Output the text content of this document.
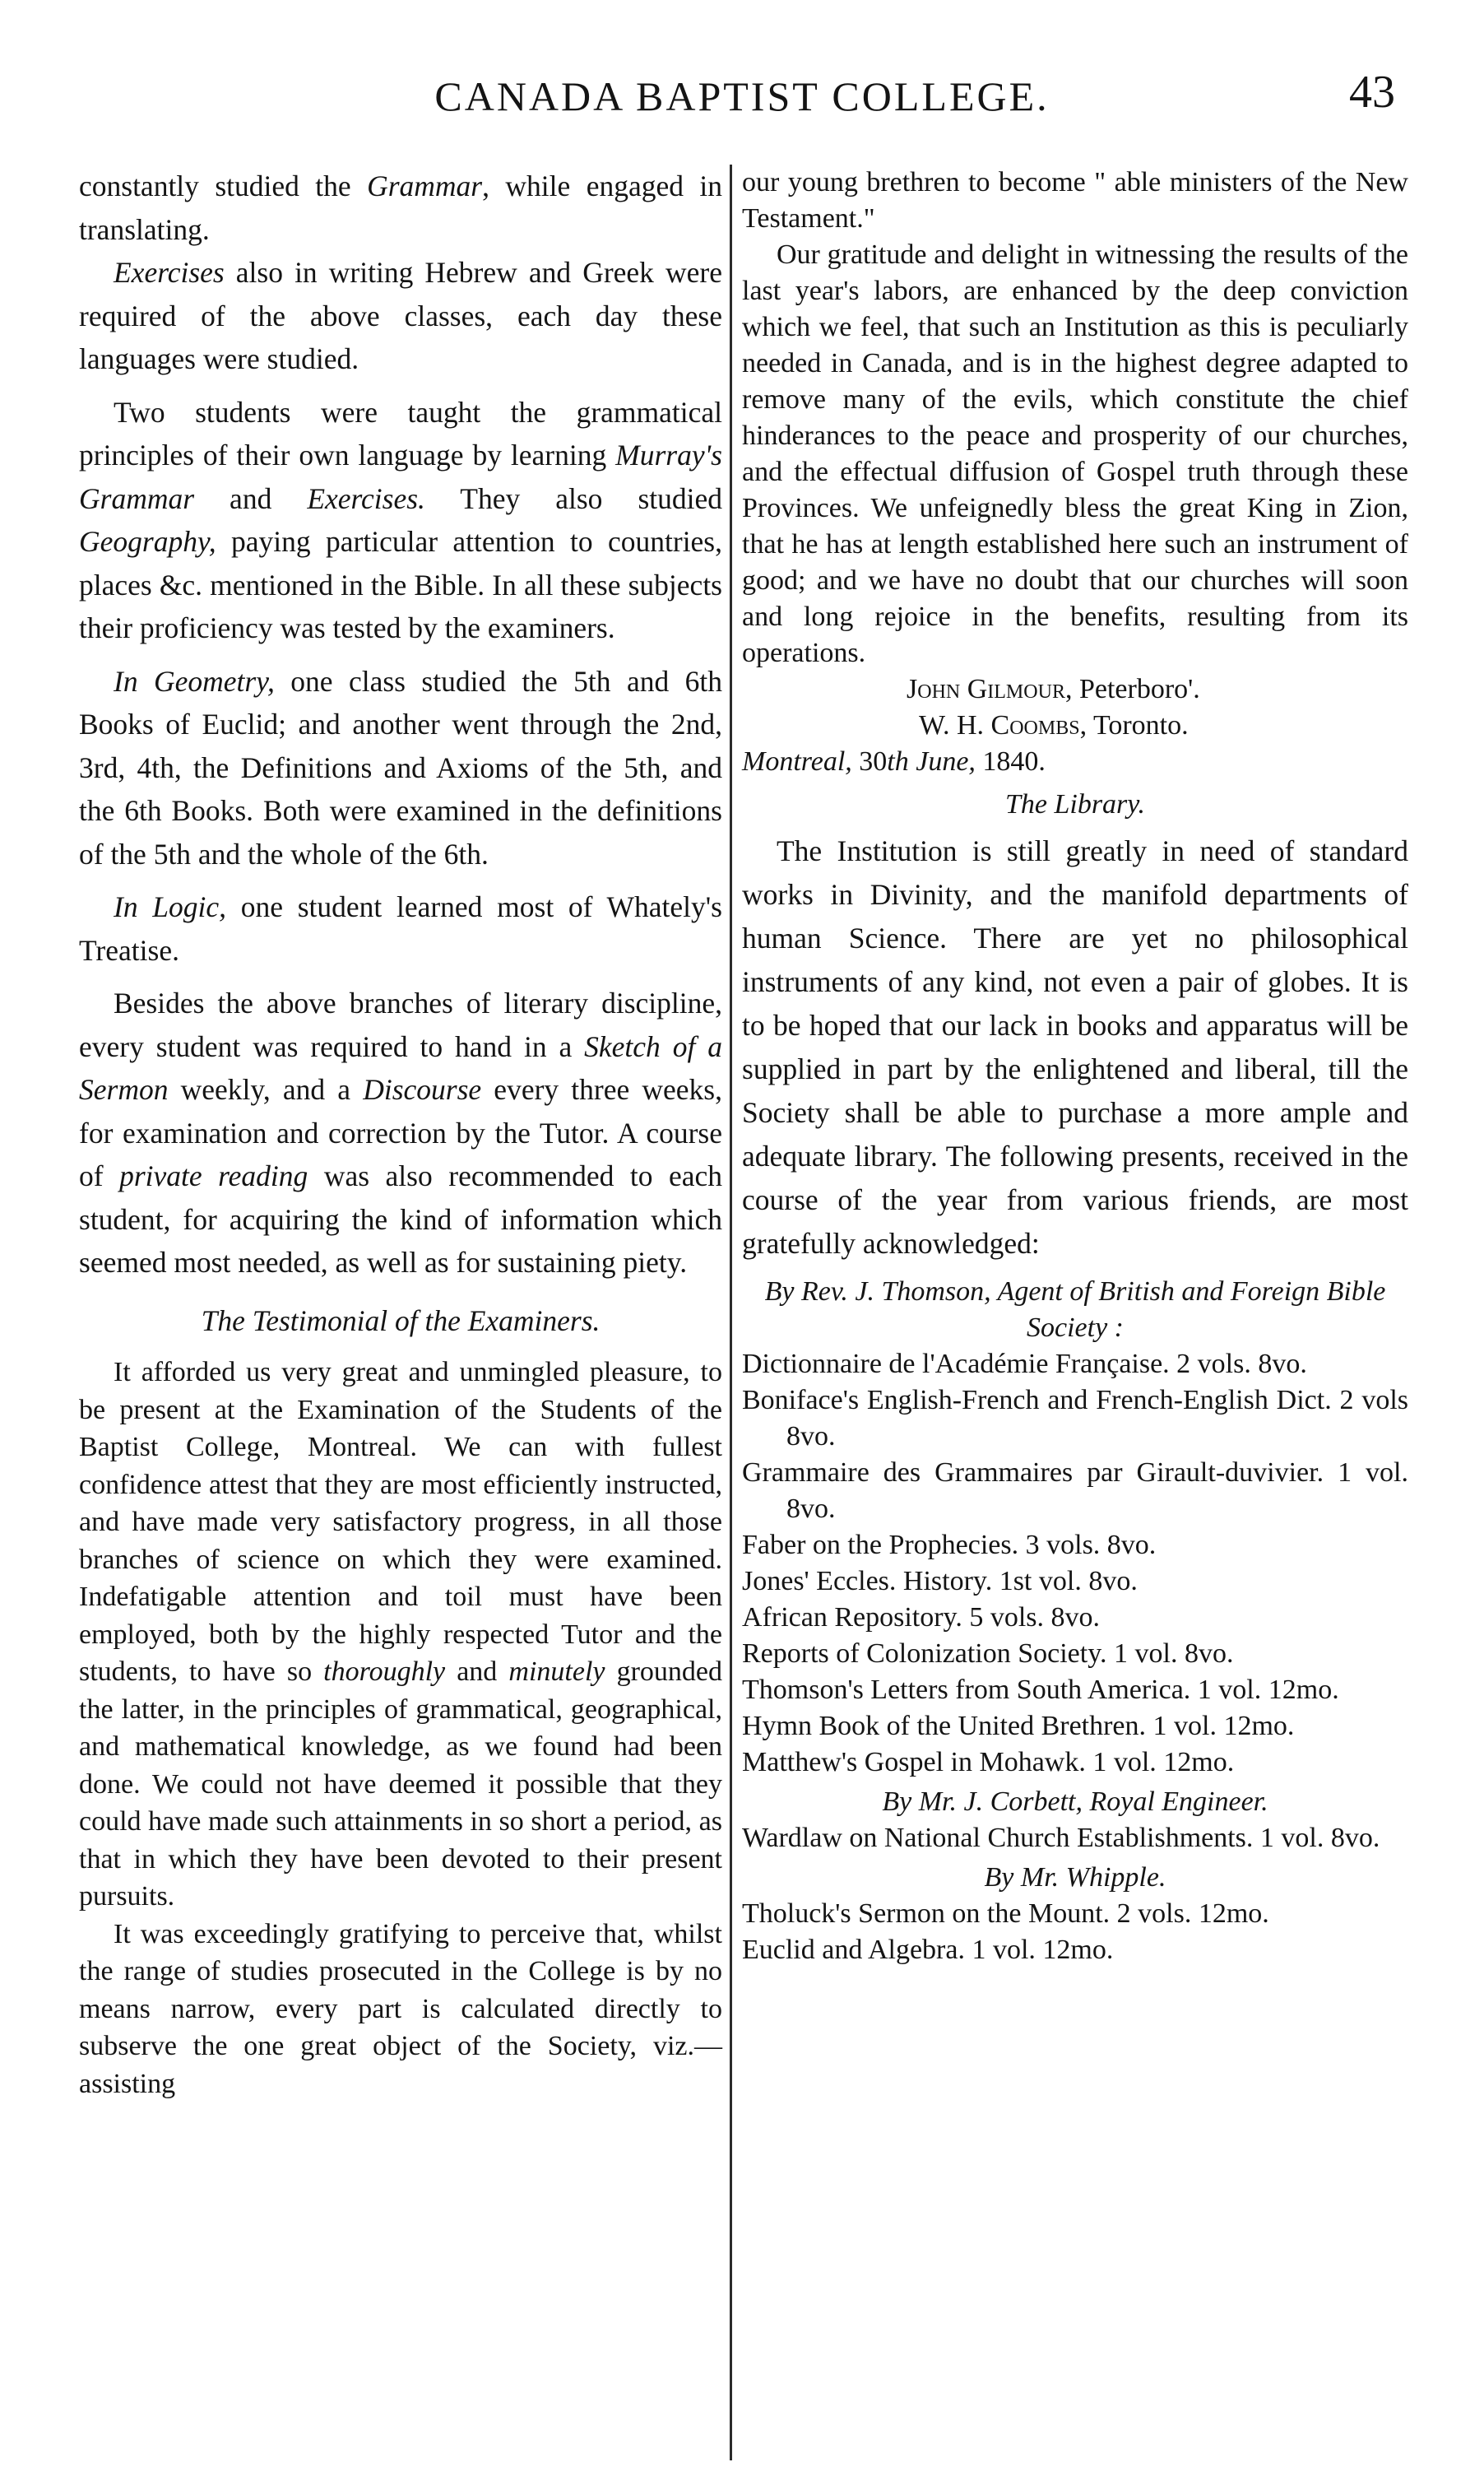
CANADA BAPTIST COLLEGE.	43

constantly studied the Grammar, while engaged in translating.

Exercises also in writing Hebrew and Greek were required of the above classes, each day these languages were studied.

Two students were taught the grammatical principles of their own language by learning Murray's Grammar and Exercises. They also studied Geography, paying particular attention to countries, places &c. mentioned in the Bible. In all these subjects their proficiency was tested by the examiners.

In Geometry, one class studied the 5th and 6th Books of Euclid; and another went through the 2nd, 3rd, 4th, the Definitions and Axioms of the 5th, and the 6th Books. Both were examined in the definitions of the 5th and the whole of the 6th.

In Logic, one student learned most of Whately's Treatise.

Besides the above branches of literary discipline, every student was required to hand in a Sketch of a Sermon weekly, and a Discourse every three weeks, for examination and correction by the Tutor. A course of private reading was also recommended to each student, for acquiring the kind of information which seemed most needed, as well as for sustaining piety.

The Testimonial of the Examiners.

It afforded us very great and unmingled pleasure, to be present at the Examination of the Students of the Baptist College, Montreal. We can with fullest confidence attest that they are most efficiently instructed, and have made very satisfactory progress, in all those branches of science on which they were examined. Indefatigable attention and toil must have been employed, both by the highly respected Tutor and the students, to have so thoroughly and minutely grounded the latter, in the principles of grammatical, geographical, and mathematical knowledge, as we found had been done. We could not have deemed it possible that they could have made such attainments in so short a period, as that in which they have been devoted to their present pursuits.

It was exceedingly gratifying to perceive that, whilst the range of studies prosecuted in the College is by no means narrow, every part is calculated directly to subserve the one great object of the Society, viz.—assisting

our young brethren to become " able ministers of the New Testament."

Our gratitude and delight in witnessing the results of the last year's labors, are enhanced by the deep conviction which we feel, that such an Institution as this is peculiarly needed in Canada, and is in the highest degree adapted to remove many of the evils, which constitute the chief hinderances to the peace and prosperity of our churches, and the effectual diffusion of Gospel truth through these Provinces. We unfeignedly bless the great King in Zion, that he has at length established here such an instrument of good; and we have no doubt that our churches will soon and long rejoice in the benefits, resulting from its operations.

John Gilmour, Peterboro'.

W. H. Coombs, Toronto.

Montreal, 30th June, 1840.

The Library.

The Institution is still greatly in need of standard works in Divinity, and the manifold departments of human Science. There are yet no philosophical instruments of any kind, not even a pair of globes. It is to be hoped that our lack in books and apparatus will be supplied in part by the enlightened and liberal, till the Society shall be able to purchase a more ample and adequate library. The following presents, received in the course of the year from various friends, are most gratefully acknowledged:

By Rev. J. Thomson, Agent of British and Foreign Bible Society :

Dictionnaire de l'Académie Française. 2 vols. 8vo.

Boniface's English-French and French-English Dict. 2 vols 8vo.

Grammaire des Grammaires par Girault-duvivier. 1 vol. 8vo.

Faber on the Prophecies. 3 vols. 8vo.

Jones' Eccles. History. 1st vol. 8vo.

African Repository. 5 vols. 8vo.

Reports of Colonization Society. 1 vol. 8vo.

Thomson's Letters from South America. 1 vol. 12mo.

Hymn Book of the United Brethren. 1 vol. 12mo.

Matthew's Gospel in Mohawk. 1 vol. 12mo.

By Mr. J. Corbett, Royal Engineer.

Wardlaw on National Church Establishments. 1 vol. 8vo.

By Mr. Whipple.

Tholuck's Sermon on the Mount. 2 vols. 12mo.

Euclid and Algebra. 1 vol. 12mo.
